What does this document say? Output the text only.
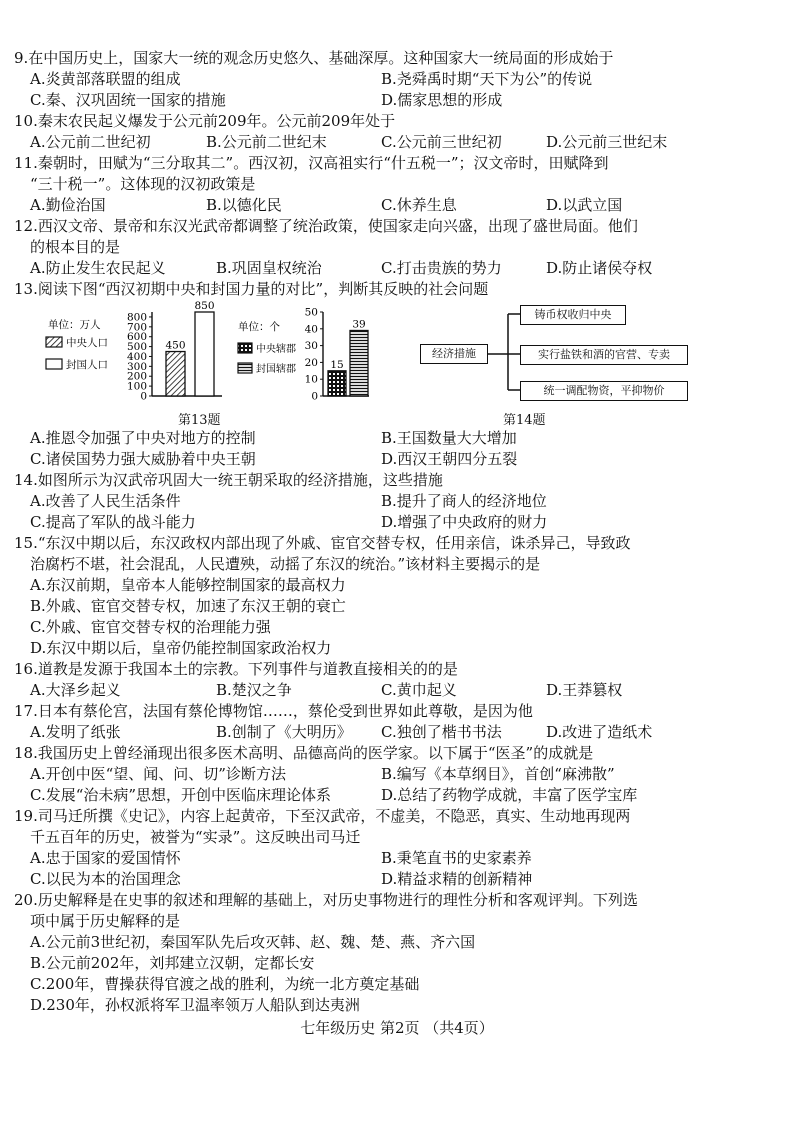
9.在中国历史上，国家大一统的观念历史悠久、基础深厚。这种国家大一统局面的形成始于
A.炎黄部落联盟的组成	B.尧舜禹时期“天下为公”的传说
C.秦、汉巩固统一国家的措施	D.儒家思想的形成
10.秦末农民起义爆发于公元前209年。公元前209年处于
A.公元前二世纪初	B.公元前二世纪末	C.公元前三世纪初	D.公元前三世纪末
11.秦朝时，田赋为“三分取其二”。西汉初，汉高祖实行“什五税一”；汉文帝时，田赋降到
“三十税一”。这体现的汉初政策是
A.勤俭治国	B.以德化民	C.休养生息	D.以武立国
12.西汉文帝、景帝和东汉光武帝都调整了统治政策，使国家走向兴盛，出现了盛世局面。他们
的根本目的是
A.防止发生农民起义	B.巩固皇权统治	C.打击贵族的势力	D.防止诸侯夺权
13.阅读下图“西汉初期中央和封国力量的对比”，判断其反映的社会问题
0
100
200
300
400
500
600
700
800
单位：万人
中央人口
封国人口
450
850
0
10
20
30
40
50
单位：个
中央辖郡
封国辖郡	15
39
经济措施
铸币权收归中央
实行盐铁和酒的官营、专卖
统一调配物资，平抑物价
第13题	第14题
A.推恩令加强了中央对地方的控制	B.王国数量大大增加
C.诸侯国势力强大威胁着中央王朝	D.西汉王朝四分五裂
14.如图所示为汉武帝巩固大一统王朝采取的经济措施，这些措施
A.改善了人民生活条件	B.提升了商人的经济地位
C.提高了军队的战斗能力	D.增强了中央政府的财力
15.“东汉中期以后，东汉政权内部出现了外戚、宦官交替专权，任用亲信，诛杀异己，导致政
治腐朽不堪，社会混乱，人民遭殃，动摇了东汉的统治。”该材料主要揭示的是
A.东汉前期，皇帝本人能够控制国家的最高权力
B.外戚、宦官交替专权，加速了东汉王朝的衰亡
C.外戚、宦官交替专权的治理能力强
D.东汉中期以后，皇帝仍能控制国家政治权力
16.道教是发源于我国本土的宗教。下列事件与道教直接相关的的是
A.大泽乡起义	B.楚汉之争	C.黄巾起义	D.王莽篡权
17.日本有蔡伦宫，法国有蔡伦博物馆……，蔡伦受到世界如此尊敬，是因为他
A.发明了纸张	B.创制了《大明历》 C.独创了楷书书法	D.改进了造纸术
18.我国历史上曾经涌现出很多医术高明、品德高尚的医学家。以下属于“医圣”的成就是
A.开创中医“望、闻、问、切”诊断方法	B.编写《本草纲目》，首创“麻沸散”
C.发展“治未病”思想，开创中医临床理论体系	D.总结了药物学成就，丰富了医学宝库
19.司马迁所撰《史记》，内容上起黄帝，下至汉武帝，不虚美，不隐恶，真实、生动地再现两
千五百年的历史，被誉为“实录”。这反映出司马迁
A.忠于国家的爱国情怀	B.秉笔直书的史家素养
C.以民为本的治国理念	D.精益求精的创新精神
20.历史解释是在史事的叙述和理解的基础上，对历史事物进行的理性分析和客观评判。下列选
项中属于历史解释的是
A.公元前3世纪初，秦国军队先后攻灭韩、赵、魏、楚、燕、齐六国
B.公元前202年，刘邦建立汉朝，定都长安
C.200年，曹操获得官渡之战的胜利，为统一北方奠定基础
D.230年，孙权派将军卫温率领万人船队到达夷洲
七年级历史 第2页 （共4页）
